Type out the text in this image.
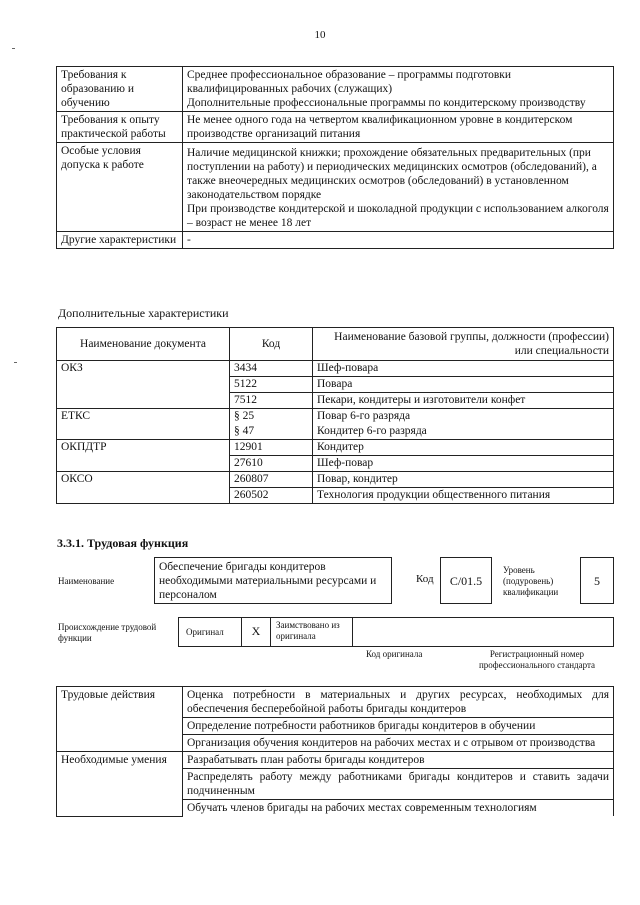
10
Требования к образованию и обучению	Среднее профессиональное образование – программы подготовки квалифицированных рабочих (служащих)
Дополнительные профессиональные программы по кондитерскому производству

Требования к опыту практической работы	Не менее одного года на четвертом квалификационном уровне в кондитерском производстве организаций питания

Особые условия допуска к работе	Наличие медицинской книжки; прохождение обязательных предварительных (при поступлении на работу) и периодических медицинских осмотров (обследований), а также внеочередных медицинских осмотров (обследований) в установленном законодательством порядке
При производстве кондитерской и шоколадной продукции с использованием алкоголя – возраст не менее 18 лет

Другие характеристики	-
Дополнительные характеристики
Наименование документа	Код	Наименование базовой группы, должности (профессии) или специальности
ОКЗ	3434	Шеф-повара
	5122	Повара
	7512	Пекари, кондитеры и изготовители конфет
ЕТКС	§ 25	Повар 6-го разряда
	§ 47	Кондитер 6-го разряда
ОКПДТР	12901	Кондитер
	27610	Шеф-повар
ОКСО	260807	Повар, кондитер
	260502	Технология продукции общественного питания
3.3.1. Трудовая функция
Наименование
Обеспечение бригады кондитеров необходимыми материальными ресурсами и персоналом
Код	C/01.5
Уровень (подуровень) квалификации
5
Происхождение трудовой функции
Оригинал	X	Заимствовано из оригинала
Код оригинала	Регистрационный номер профессионального стандарта
Трудовые действия	Оценка потребности в материальных и других ресурсах, необходимых для обеспечения бесперебойной работы бригады кондитеров
	Определение потребности работников бригады кондитеров в обучении
	Организация обучения кондитеров на рабочих местах и с отрывом от производства
Необходимые умения	Разрабатывать план работы бригады кондитеров
	Распределять работу между работниками бригады кондитеров и ставить задачи подчиненным
	Обучать членов бригады на рабочих местах современным технологиям
